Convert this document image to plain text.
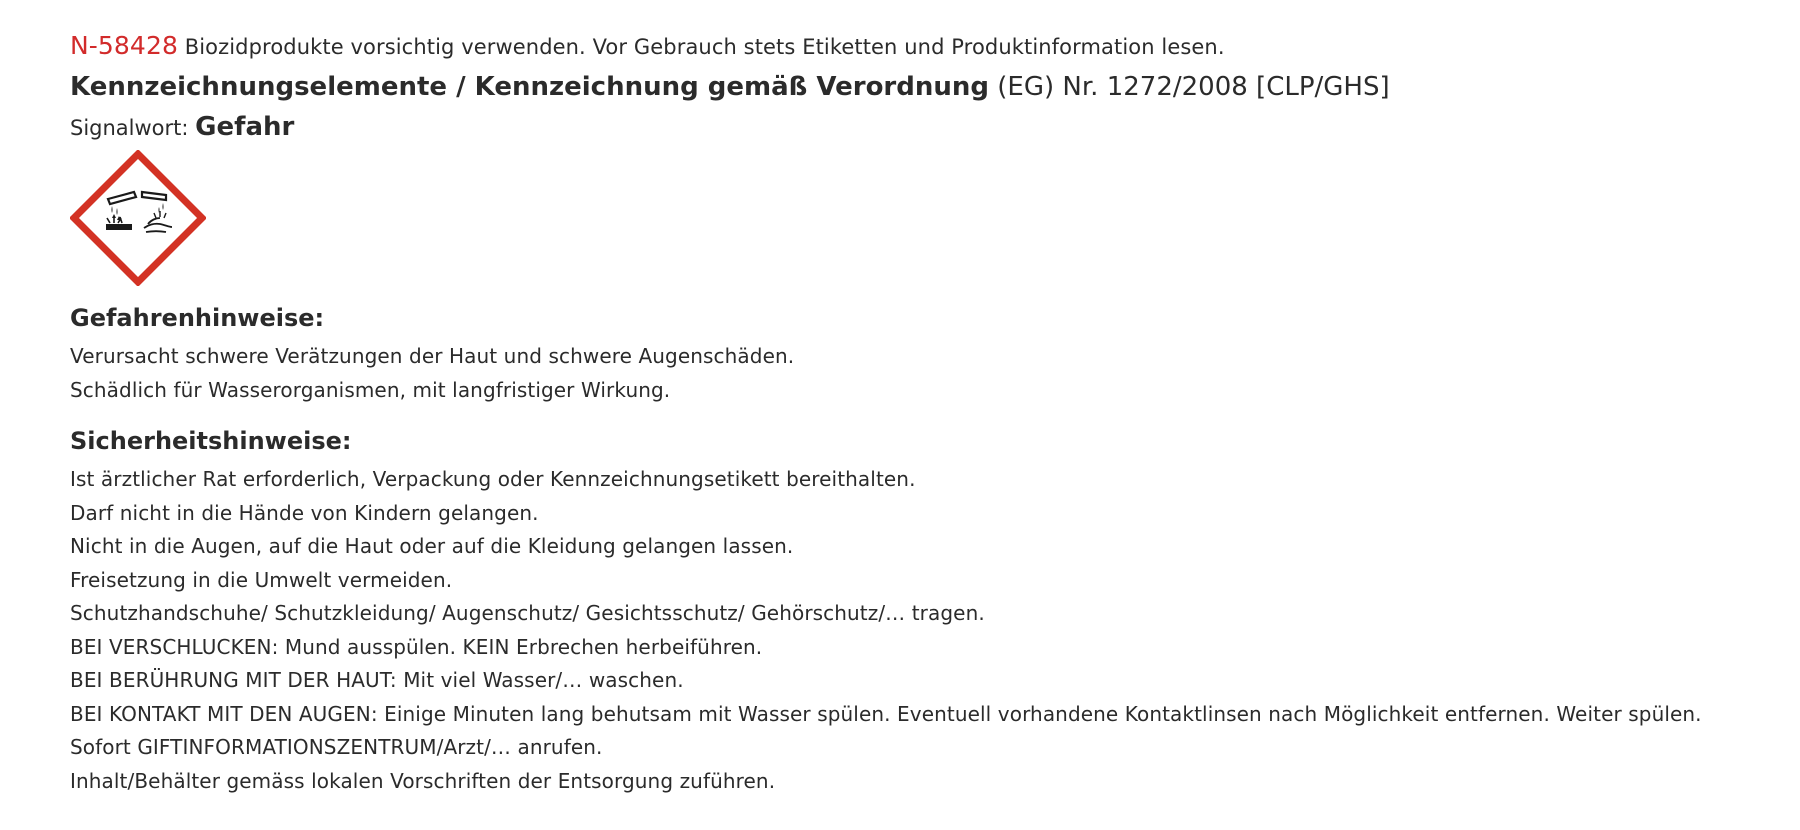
N-58428 Biozidprodukte vorsichtig verwenden. Vor Gebrauch stets Etiketten und Produktinformation lesen.
Kennzeichnungselemente / Kennzeichnung gemäß Verordnung (EG) Nr. 1272/2008 [CLP/GHS]
Signalwort: Gefahr
Gefahrenhinweise:
Verursacht schwere Verätzungen der Haut und schwere Augenschäden.
Schädlich für Wasserorganismen, mit langfristiger Wirkung.
Sicherheitshinweise:
Ist ärztlicher Rat erforderlich, Verpackung oder Kennzeichnungsetikett bereithalten.
Darf nicht in die Hände von Kindern gelangen.
Nicht in die Augen, auf die Haut oder auf die Kleidung gelangen lassen.
Freisetzung in die Umwelt vermeiden.
Schutzhandschuhe/ Schutzkleidung/ Augenschutz/ Gesichtsschutz/ Gehörschutz/… tragen.
BEI VERSCHLUCKEN: Mund ausspülen. KEIN Erbrechen herbeiführen.
BEI BERÜHRUNG MIT DER HAUT: Mit viel Wasser/… waschen.
BEI KONTAKT MIT DEN AUGEN: Einige Minuten lang behutsam mit Wasser spülen. Eventuell vorhandene Kontaktlinsen nach Möglichkeit entfernen. Weiter spülen.
Sofort GIFTINFORMATIONSZENTRUM/Arzt/… anrufen.
Inhalt/Behälter gemäss lokalen Vorschriften der Entsorgung zuführen.
